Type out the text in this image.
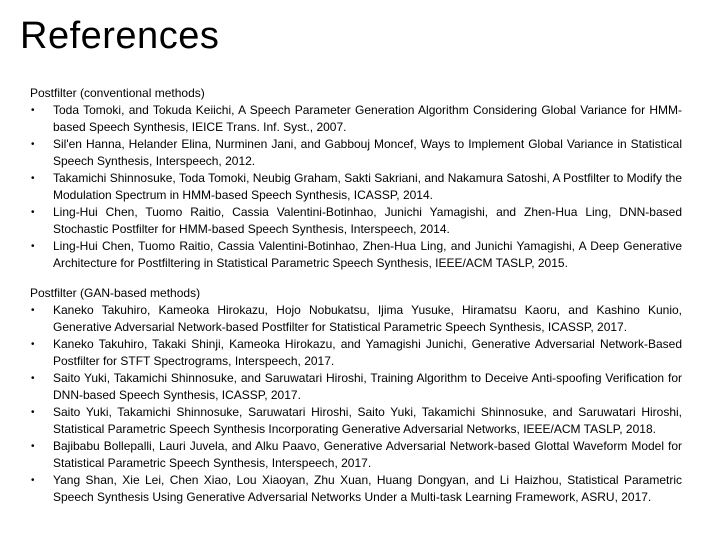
References
Postfilter (conventional methods)
• Toda Tomoki, and Tokuda Keiichi, A Speech Parameter Generation Algorithm Considering Global Variance for HMM-based Speech Synthesis, IEICE Trans. Inf. Syst., 2007.
• Sil'en Hanna, Helander Elina, Nurminen Jani, and Gabbouj Moncef, Ways to Implement Global Variance in Statistical Speech Synthesis, Interspeech, 2012.
• Takamichi Shinnosuke, Toda Tomoki, Neubig Graham, Sakti Sakriani, and Nakamura Satoshi, A Postfilter to Modify the Modulation Spectrum in HMM-based Speech Synthesis, ICASSP, 2014.
• Ling-Hui Chen, Tuomo Raitio, Cassia Valentini-Botinhao, Junichi Yamagishi, and Zhen-Hua Ling, DNN-based Stochastic Postfilter for HMM-based Speech Synthesis, Interspeech, 2014.
• Ling-Hui Chen, Tuomo Raitio, Cassia Valentini-Botinhao, Zhen-Hua Ling, and Junichi Yamagishi, A Deep Generative Architecture for Postfiltering in Statistical Parametric Speech Synthesis, IEEE/ACM TASLP, 2015.
Postfilter (GAN-based methods)
• Kaneko Takuhiro, Kameoka Hirokazu, Hojo Nobukatsu, Ijima Yusuke, Hiramatsu Kaoru, and Kashino Kunio, Generative Adversarial Network-based Postfilter for Statistical Parametric Speech Synthesis, ICASSP, 2017.
• Kaneko Takuhiro, Takaki Shinji, Kameoka Hirokazu, and Yamagishi Junichi, Generative Adversarial Network-Based Postfilter for STFT Spectrograms, Interspeech, 2017.
• Saito Yuki, Takamichi Shinnosuke, and Saruwatari Hiroshi, Training Algorithm to Deceive Anti-spoofing Verification for DNN-based Speech Synthesis, ICASSP, 2017.
• Saito Yuki, Takamichi Shinnosuke, Saruwatari Hiroshi, Saito Yuki, Takamichi Shinnosuke, and Saruwatari Hiroshi, Statistical Parametric Speech Synthesis Incorporating Generative Adversarial Networks, IEEE/ACM TASLP, 2018.
• Bajibabu Bollepalli, Lauri Juvela, and Alku Paavo, Generative Adversarial Network-based Glottal Waveform Model for Statistical Parametric Speech Synthesis, Interspeech, 2017.
• Yang Shan, Xie Lei, Chen Xiao, Lou Xiaoyan, Zhu Xuan, Huang Dongyan, and Li Haizhou, Statistical Parametric Speech Synthesis Using Generative Adversarial Networks Under a Multi-task Learning Framework, ASRU, 2017.
